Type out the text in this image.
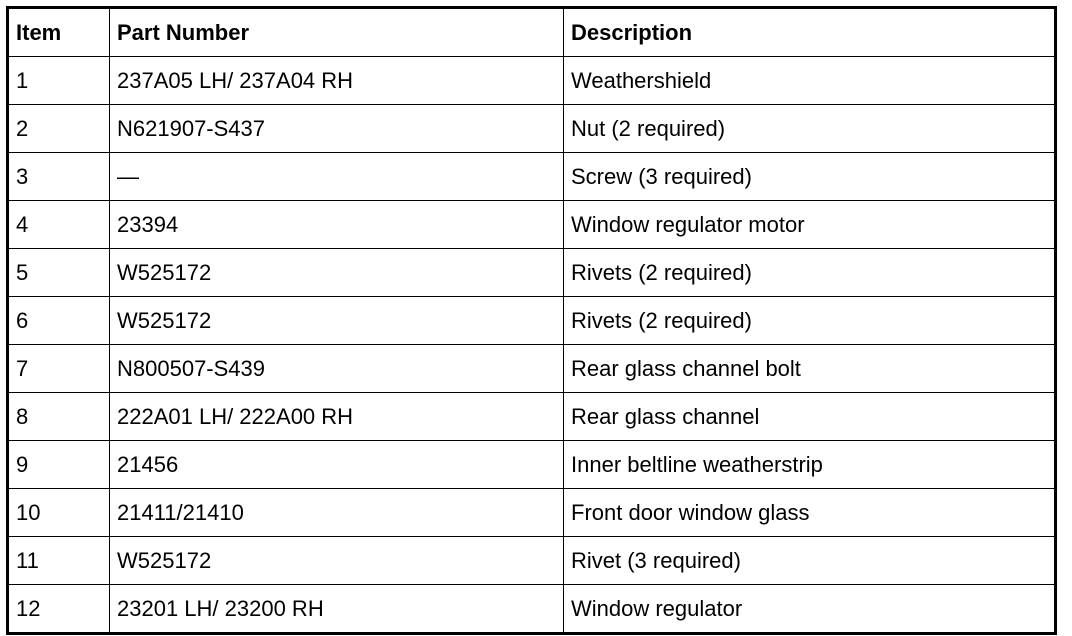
Item	Part Number	Description
1	237A05 LH/ 237A04 RH	Weathershield
2	N621907-S437	Nut (2 required)
3	—	Screw (3 required)
4	23394	Window regulator motor
5	W525172	Rivets (2 required)
6	W525172	Rivets (2 required)
7	N800507-S439	Rear glass channel bolt
8	222A01 LH/ 222A00 RH	Rear glass channel
9	21456	Inner beltline weatherstrip
10	21411/21410	Front door window glass
11	W525172	Rivet (3 required)
12	23201 LH/ 23200 RH	Window regulator
